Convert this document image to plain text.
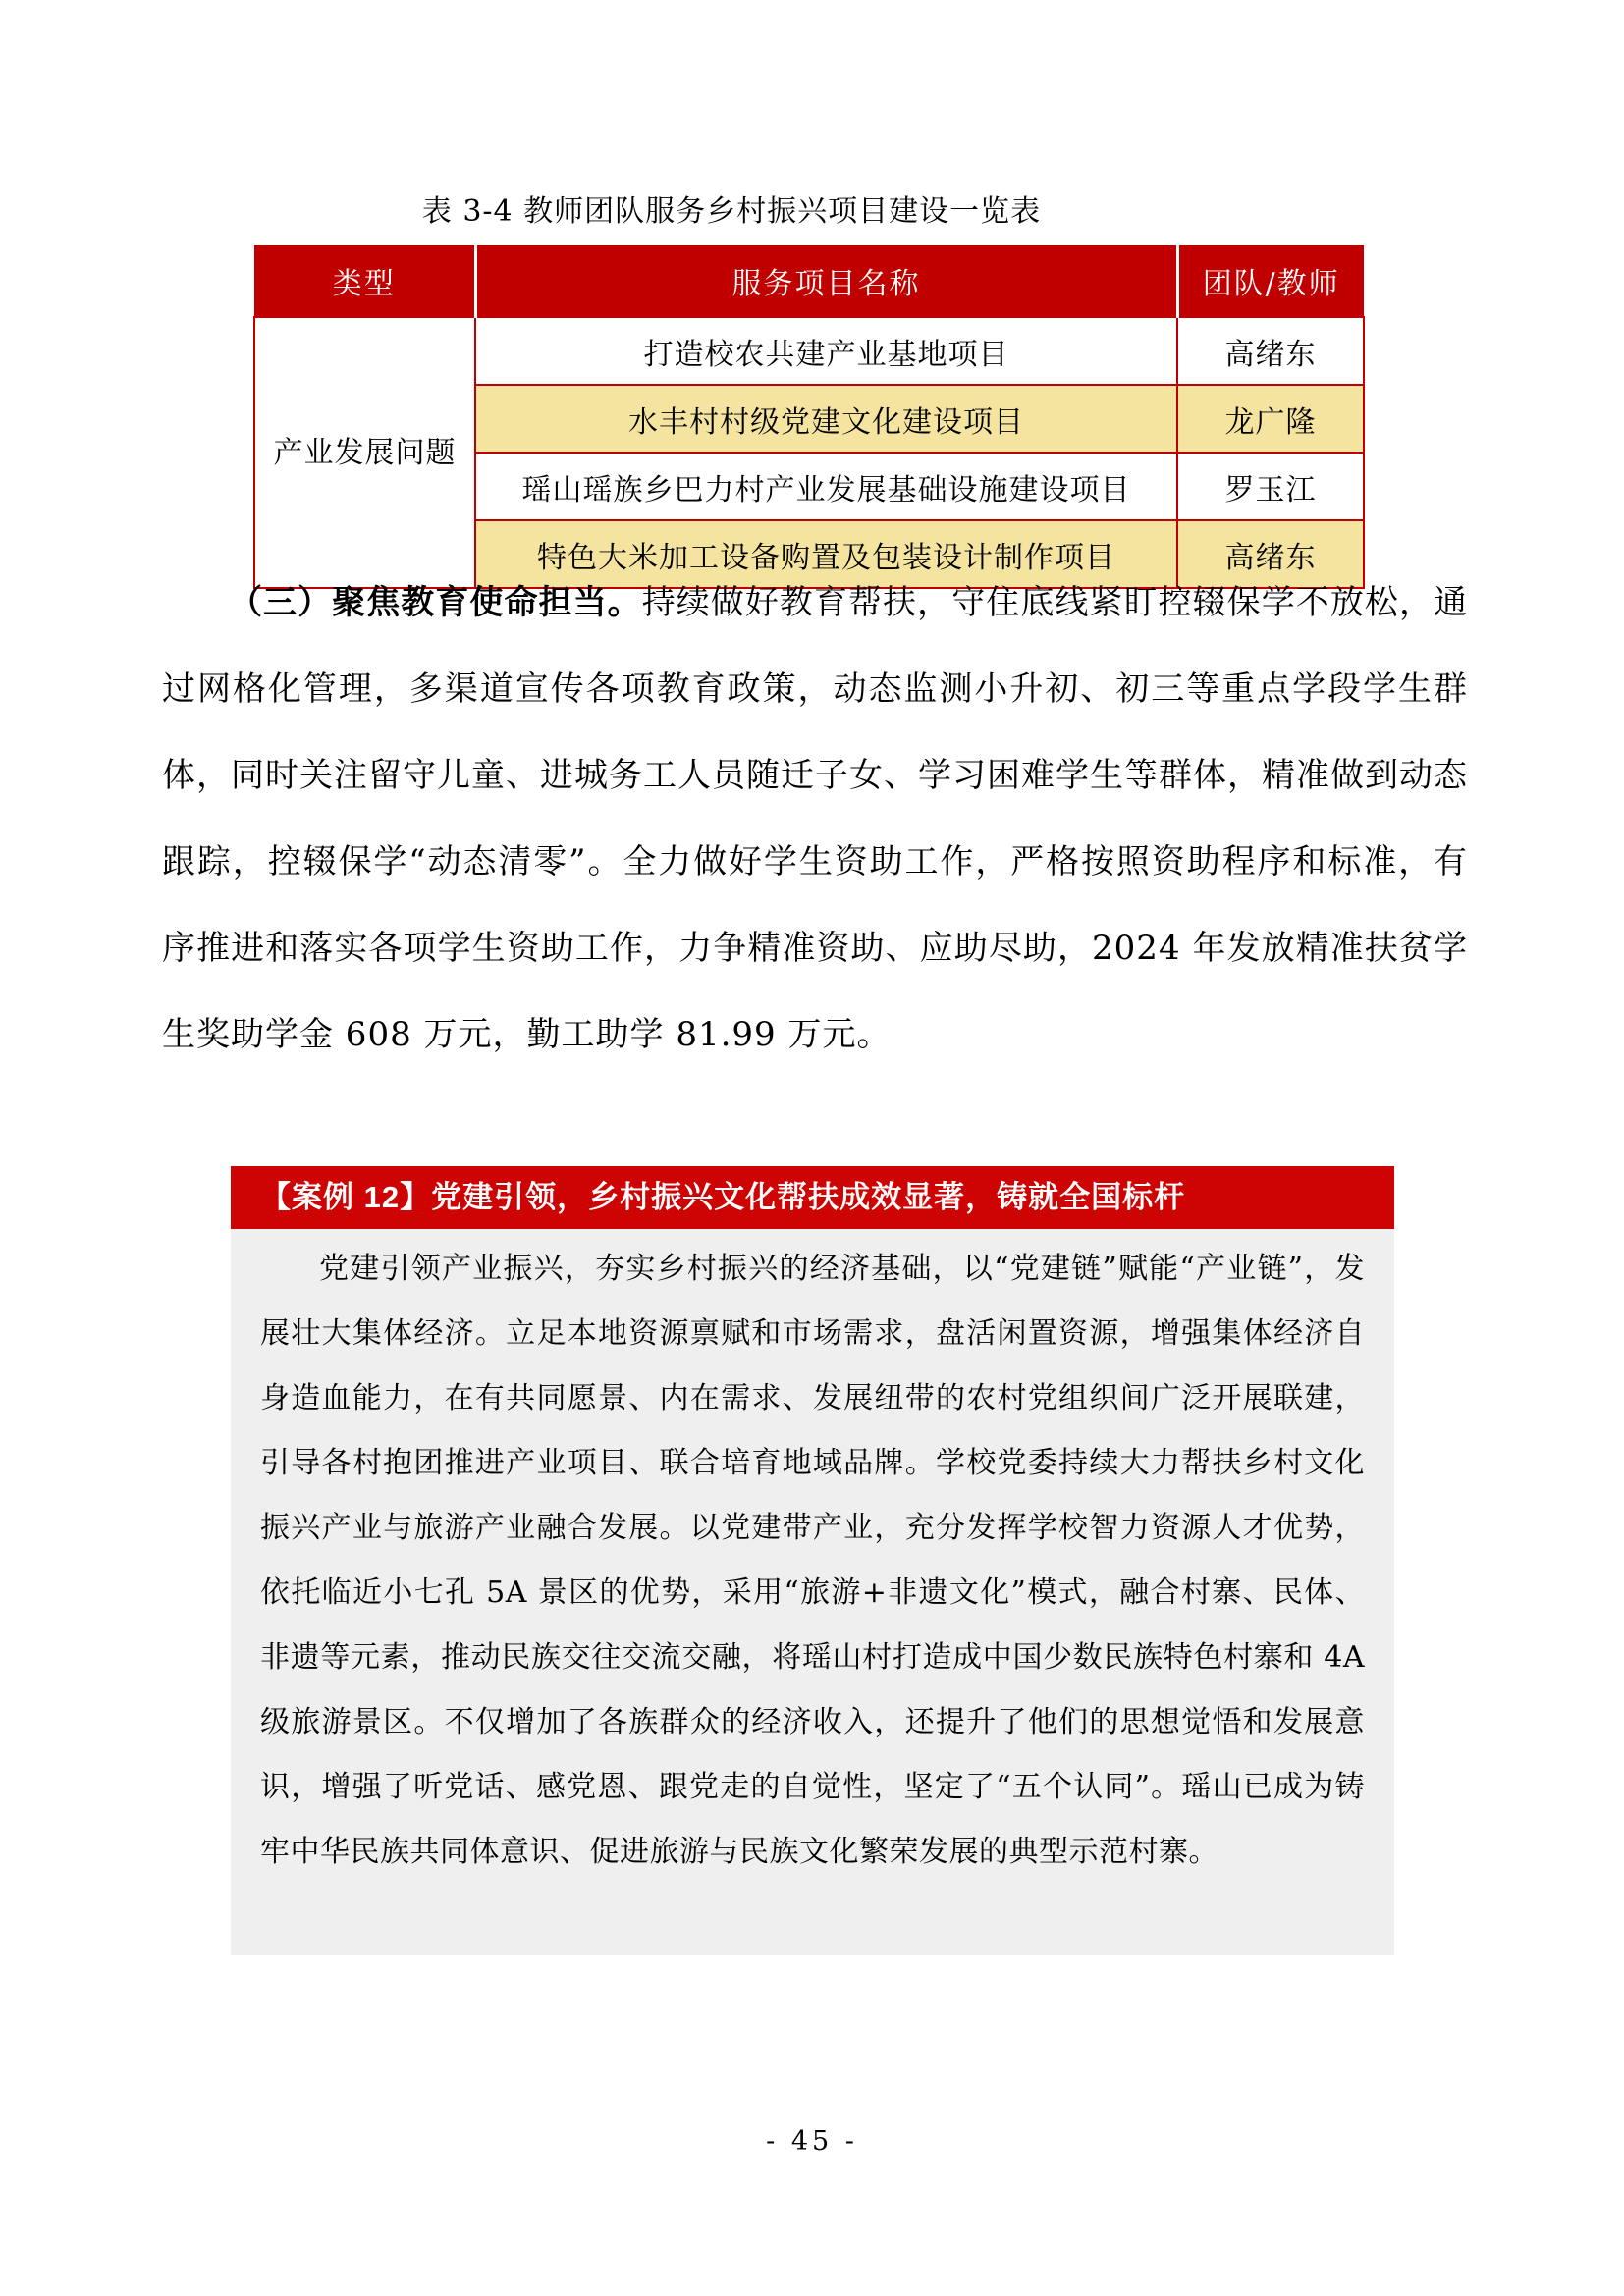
表 3-4 教师团队服务乡村振兴项目建设一览表
类型	服务项目名称	团队/教师
产业发展问题	打造校农共建产业基地项目	高绪东
	水丰村村级党建文化建设项目	龙广隆
	瑶山瑶族乡巴力村产业发展基础设施建设项目	罗玉江
	特色大米加工设备购置及包装设计制作项目	高绪东

（三）聚焦教育使命担当。持续做好教育帮扶，守住底线紧盯控辍保学不放松，通过网格化管理，多渠道宣传各项教育政策，动态监测小升初、初三等重点学段学生群体，同时关注留守儿童、进城务工人员随迁子女、学习困难学生等群体，精准做到动态跟踪，控辍保学“动态清零”。全力做好学生资助工作，严格按照资助程序和标准，有序推进和落实各项学生资助工作，力争精准资助、应助尽助，2024 年发放精准扶贫学生奖助学金 608 万元，勤工助学 81.99 万元。

【案例 12】党建引领，乡村振兴文化帮扶成效显著，铸就全国标杆

党建引领产业振兴，夯实乡村振兴的经济基础，以“党建链”赋能“产业链”，发展壮大集体经济。立足本地资源禀赋和市场需求，盘活闲置资源，增强集体经济自身造血能力，在有共同愿景、内在需求、发展纽带的农村党组织间广泛开展联建，引导各村抱团推进产业项目、联合培育地域品牌。学校党委持续大力帮扶乡村文化振兴产业与旅游产业融合发展。以党建带产业，充分发挥学校智力资源人才优势，依托临近小七孔 5A 景区的优势，采用“旅游+非遗文化”模式，融合村寨、民体、非遗等元素，推动民族交往交流交融，将瑶山村打造成中国少数民族特色村寨和 4A 级旅游景区。不仅增加了各族群众的经济收入，还提升了他们的思想觉悟和发展意识，增强了听党话、感党恩、跟党走的自觉性，坚定了“五个认同”。瑶山已成为铸牢中华民族共同体意识、促进旅游与民族文化繁荣发展的典型示范村寨。

- 45 -
